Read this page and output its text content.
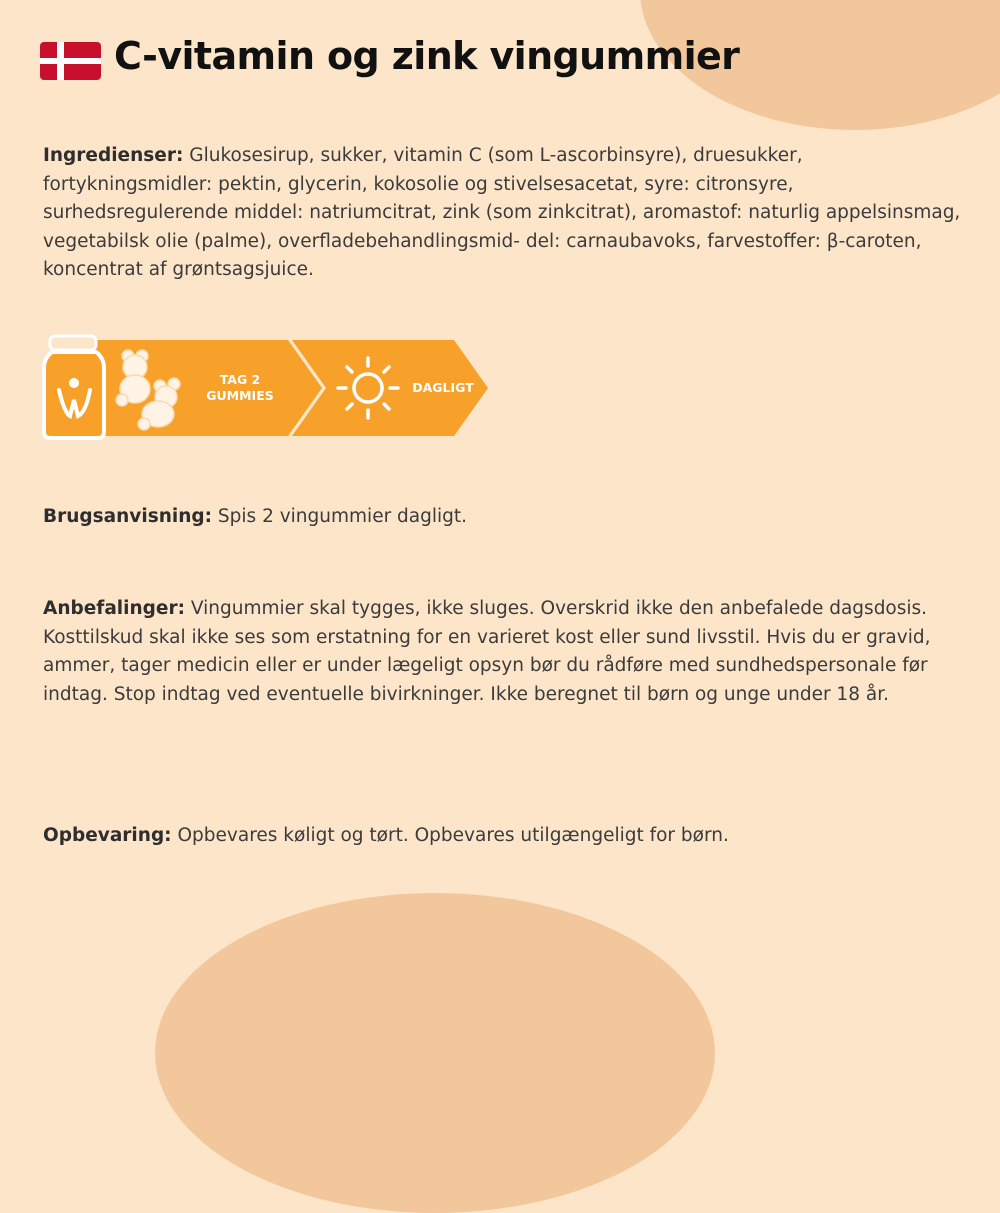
C-vitamin og zink vingummier

Ingredienser: Glukosesirup, sukker, vitamin C (som L-ascorbinsyre), druesukker, fortykningsmidler: pektin, glycerin, kokosolie og stivelsesacetat, syre: citronsyre, surhedsregulerende middel: natriumcitrat, zink (som zinkcitrat), aromastof: naturlig appelsinsmag, vegetabilsk olie (palme), overfladebehandlingsmid- del: carnaubavoks, farvestoffer: β-caroten, koncentrat af grøntsagsjuice.

TAG 2 GUMMIES
DAGLIGT

Brugsanvisning: Spis 2 vingummier dagligt.

Anbefalinger: Vingummier skal tygges, ikke sluges. Overskrid ikke den anbefalede dagsdosis. Kosttilskud skal ikke ses som erstatning for en varieret kost eller sund livsstil. Hvis du er gravid, ammer, tager medicin eller er under lægeligt opsyn bør du rådføre med sundhedspersonale før indtag. Stop indtag ved eventuelle bivirkninger. Ikke beregnet til børn og unge under 18 år.

Opbevaring: Opbevares køligt og tørt. Opbevares utilgængeligt for børn.
